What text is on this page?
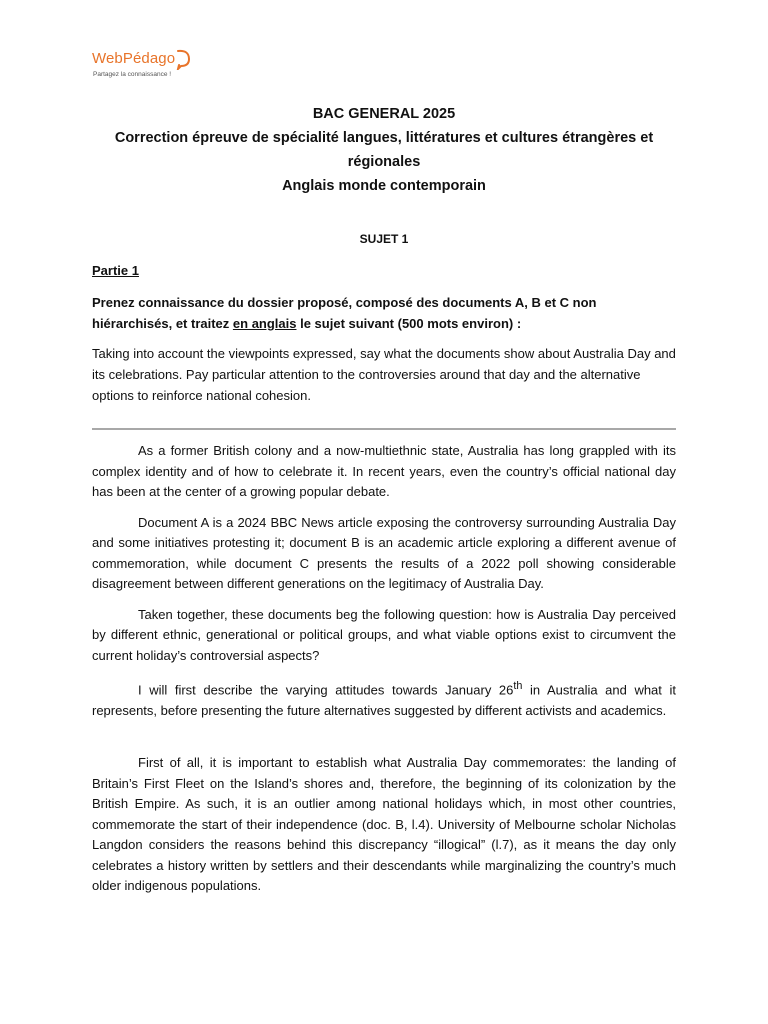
WebPédago
Partagez la connaissance !
BAC GENERAL 2025
Correction épreuve de spécialité langues, littératures et cultures étrangères et régionales
Anglais monde contemporain
SUJET 1
Partie 1
Prenez connaissance du dossier proposé, composé des documents A, B et C non hiérarchisés, et traitez en anglais le sujet suivant (500 mots environ) :
Taking into account the viewpoints expressed, say what the documents show about Australia Day and its celebrations. Pay particular attention to the controversies around that day and the alternative options to reinforce national cohesion.

As a former British colony and a now-multiethnic state, Australia has long grappled with its complex identity and of how to celebrate it. In recent years, even the country’s official national day has been at the center of a growing popular debate.

Document A is a 2024 BBC News article exposing the controversy surrounding Australia Day and some initiatives protesting it; document B is an academic article exploring a different avenue of commemoration, while document C presents the results of a 2022 poll showing considerable disagreement between different generations on the legitimacy of Australia Day.

Taken together, these documents beg the following question: how is Australia Day perceived by different ethnic, generational or political groups, and what viable options exist to circumvent the current holiday’s controversial aspects?

I will first describe the varying attitudes towards January 26th in Australia and what it represents, before presenting the future alternatives suggested by different activists and academics.

First of all, it is important to establish what Australia Day commemorates: the landing of Britain’s First Fleet on the Island’s shores and, therefore, the beginning of its colonization by the British Empire. As such, it is an outlier among national holidays which, in most other countries, commemorate the start of their independence (doc. B, l.4). University of Melbourne scholar Nicholas Langdon considers the reasons behind this discrepancy “illogical” (l.7), as it means the day only celebrates a history written by settlers and their descendants while marginalizing the country’s much older indigenous populations.
